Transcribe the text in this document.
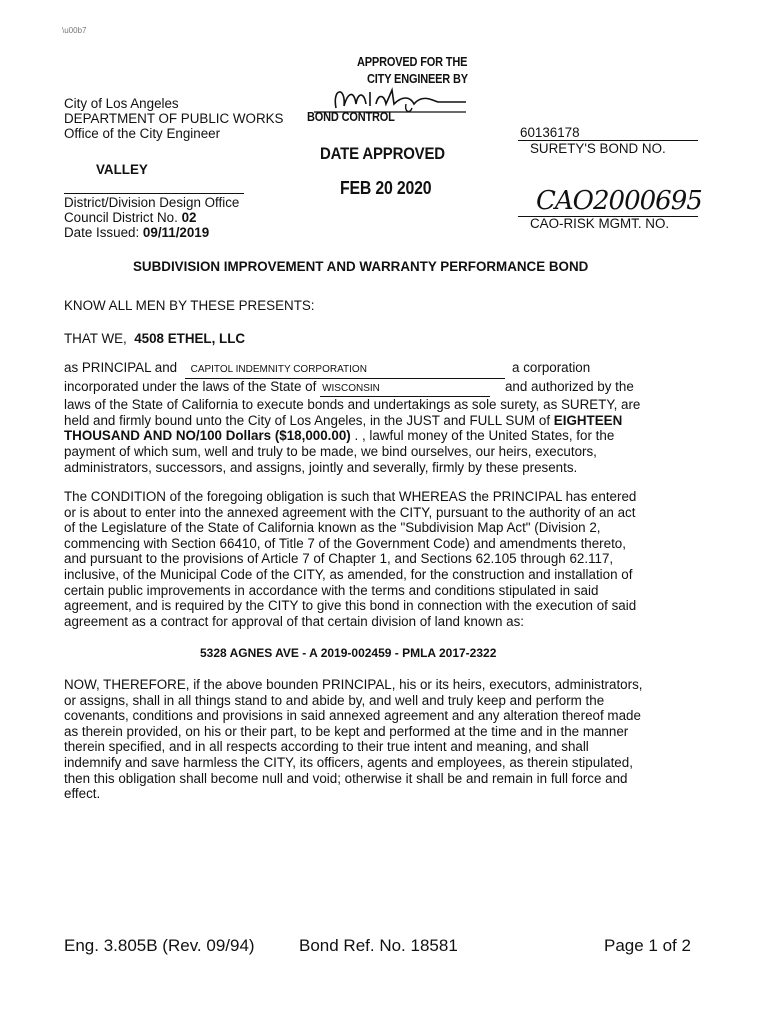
\u00b7
APPROVED FOR THE
CITY ENGINEER BY
BOND CONTROL
DATE APPROVED
FEB 20 2020
City of Los Angeles
DEPARTMENT OF PUBLIC WORKS
Office of the City Engineer
VALLEY
District/Division Design Office
Council District No. 02
Date Issued: 09/11/2019
60136178
SURETY'S BOND NO.
CAO2000695
CAO-RISK MGMT. NO.
SUBDIVISION IMPROVEMENT AND WARRANTY PERFORMANCE BOND
KNOW ALL MEN BY THESE PRESENTS:
THAT WE, 4508 ETHEL, LLC
as PRINCIPAL and CAPITOL INDEMNITY CORPORATION	a corporation
incorporated under the laws of the State of WISCONSIN	and authorized by the
laws of the State of California to execute bonds and undertakings as sole surety, as SURETY, are
held and firmly bound unto the City of Los Angeles, in the JUST and FULL SUM of EIGHTEEN
THOUSAND AND NO/100 Dollars ($18,000.00) . , lawful money of the United States, for the
payment of which sum, well and truly to be made, we bind ourselves, our heirs, executors,
administrators, successors, and assigns, jointly and severally, firmly by these presents.
The CONDITION of the foregoing obligation is such that WHEREAS the PRINCIPAL has entered
or is about to enter into the annexed agreement with the CITY, pursuant to the authority of an act
of the Legislature of the State of California known as the "Subdivision Map Act" (Division 2,
commencing with Section 66410, of Title 7 of the Government Code) and amendments thereto,
and pursuant to the provisions of Article 7 of Chapter 1, and Sections 62.105 through 62.117,
inclusive, of the Municipal Code of the CITY, as amended, for the construction and installation of
certain public improvements in accordance with the terms and conditions stipulated in said
agreement, and is required by the CITY to give this bond in connection with the execution of said
agreement as a contract for approval of that certain division of land known as:
5328 AGNES AVE - A 2019-002459 - PMLA 2017-2322
NOW, THEREFORE, if the above bounden PRINCIPAL, his or its heirs, executors, administrators,
or assigns, shall in all things stand to and abide by, and well and truly keep and perform the
covenants, conditions and provisions in said annexed agreement and any alteration thereof made
as therein provided, on his or their part, to be kept and performed at the time and in the manner
therein specified, and in all respects according to their true intent and meaning, and shall
indemnify and save harmless the CITY, its officers, agents and employees, as therein stipulated,
then this obligation shall become null and void; otherwise it shall be and remain in full force and
effect.
Eng. 3.805B (Rev. 09/94)	Bond Ref. No. 18581	Page 1 of 2
